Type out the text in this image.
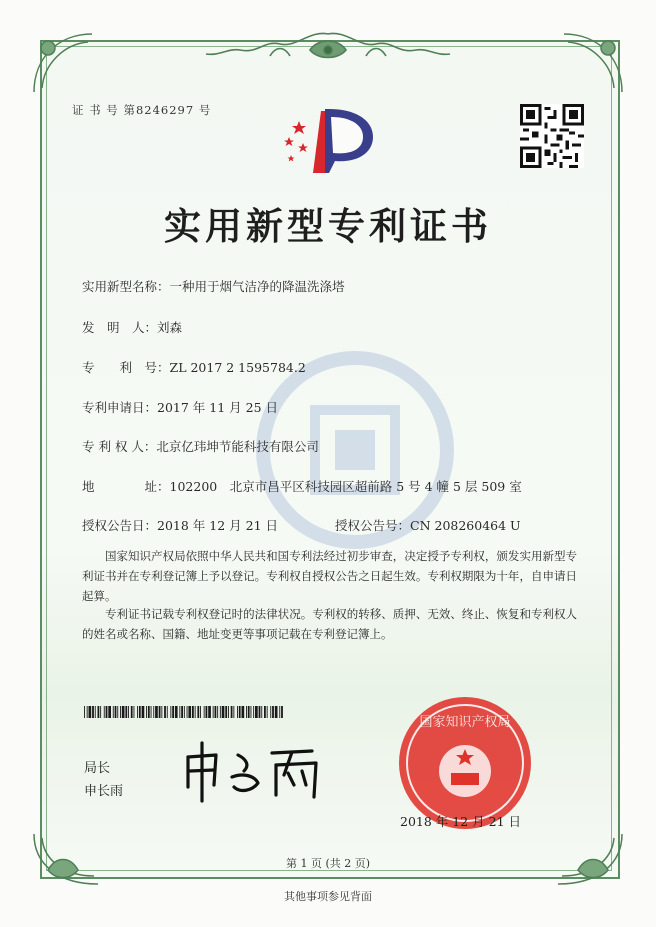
证 书 号 第8246297 号
实用新型专利证书
实用新型名称：一种用于烟气洁净的降温洗涤塔
发　明　人：刘森
专　　利　号：ZL 2017 2 1595784.2
专利申请日：2017 年 11 月 25 日
专 利 权 人：北京亿玮坤节能科技有限公司
地　　　　址：102200　北京市昌平区科技园区超前路 5 号 4 幢 5 层 509 室
授权公告日：2018 年 12 月 21 日	授权公告号：CN 208260464 U
国家知识产权局依照中华人民共和国专利法经过初步审查，决定授予专利权，颁发实用新型专利证书并在专利登记簿上予以登记。专利权自授权公告之日起生效。专利权期限为十年，自申请日起算。
专利证书记载专利权登记时的法律状况。专利权的转移、质押、无效、终止、恢复和专利权人的姓名或名称、国籍、地址变更等事项记载在专利登记簿上。
局长
申长雨
国家知识产权局
2018 年 12 月 21 日
第 1 页 (共 2 页)
其他事项参见背面
